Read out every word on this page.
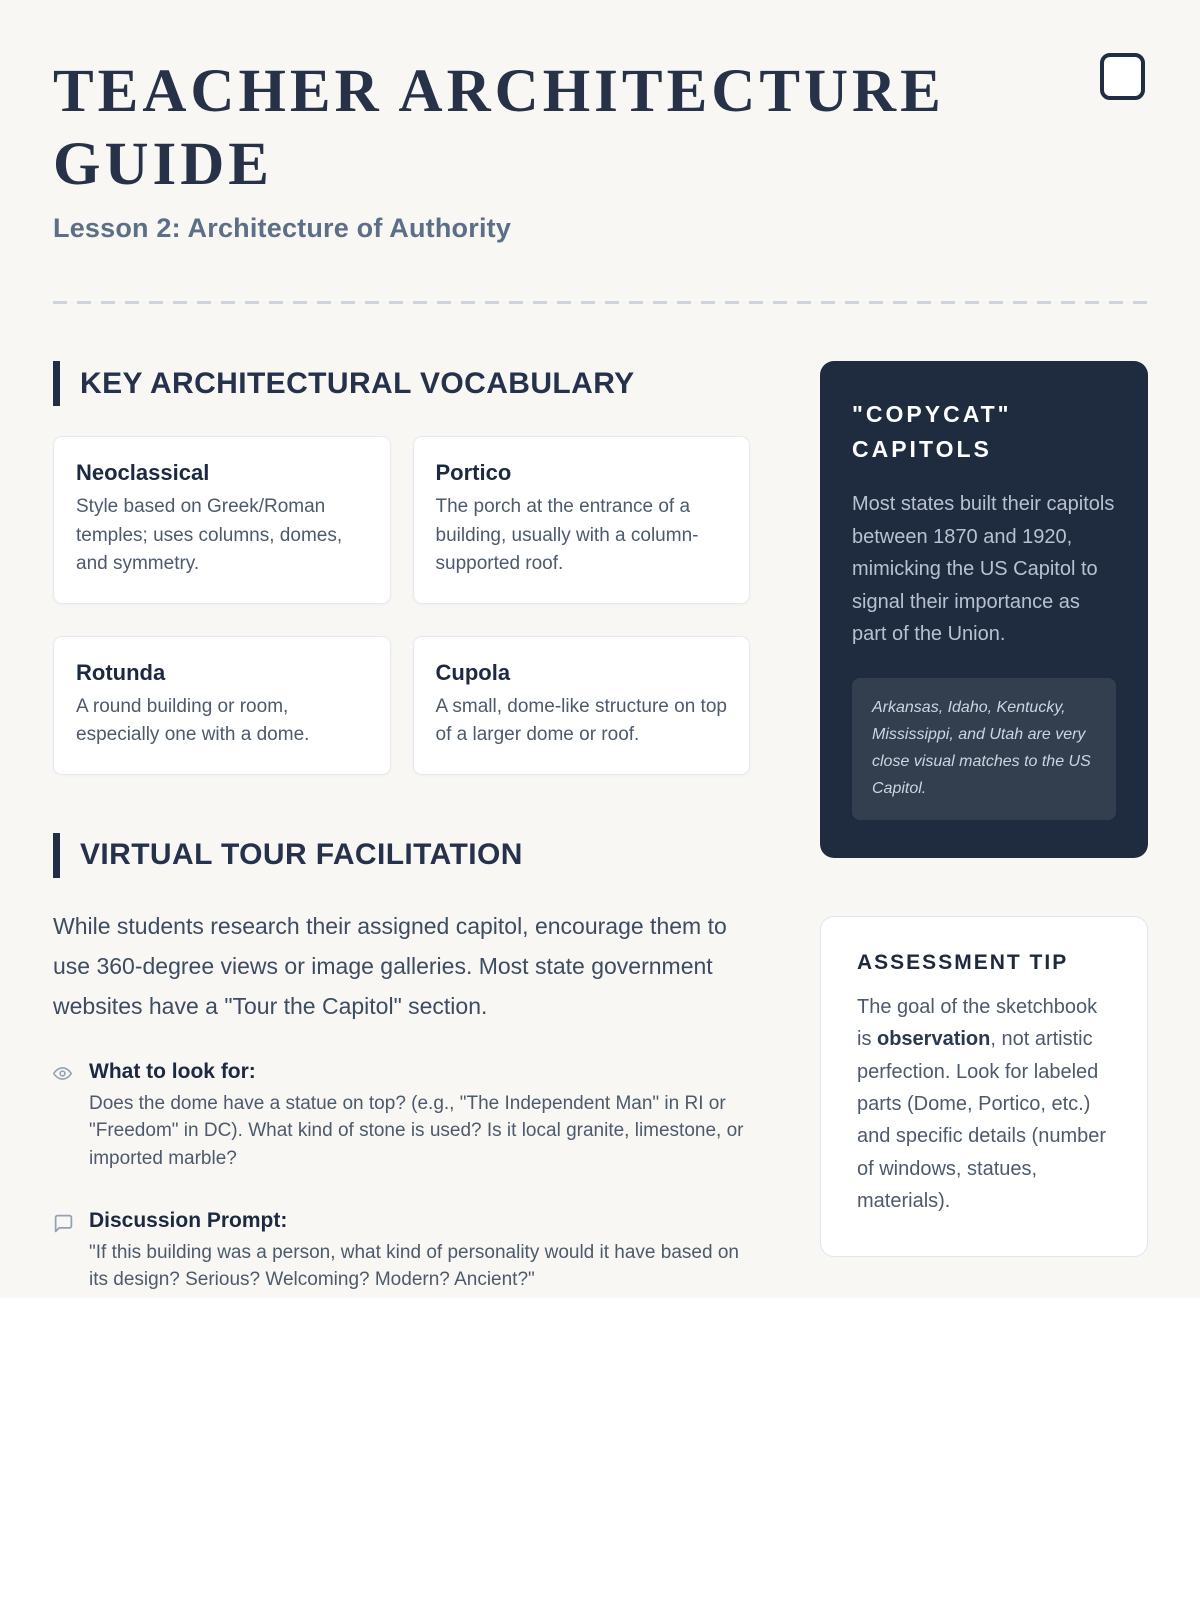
TEACHER ARCHITECTURE GUIDE
Lesson 2: Architecture of Authority
KEY ARCHITECTURAL VOCABULARY
Neoclassical
Style based on Greek/Roman temples; uses columns, domes, and symmetry.
Portico
The porch at the entrance of a building, usually with a column-supported roof.
Rotunda
A round building or room, especially one with a dome.
Cupola
A small, dome-like structure on top of a larger dome or roof.
VIRTUAL TOUR FACILITATION

While students research their assigned capitol, encourage them to use 360-degree views or image galleries. Most state government websites have a "Tour the Capitol" section.

What to look for:
Does the dome have a statue on top? (e.g., "The Independent Man" in RI or "Freedom" in DC). What kind of stone is used? Is it local granite, limestone, or imported marble?
Discussion Prompt:
"If this building was a person, what kind of personality would it have based on its design? Serious? Welcoming? Modern? Ancient?"
"COPYCAT" CAPITOLS
Most states built their capitols between 1870 and 1920, mimicking the US Capitol to signal their importance as part of the Union.
Arkansas, Idaho, Kentucky, Mississippi, and Utah are very close visual matches to the US Capitol.
ASSESSMENT TIP
The goal of the sketchbook is observation, not artistic perfection. Look for labeled parts (Dome, Portico, etc.) and specific details (number of windows, statues, materials).
